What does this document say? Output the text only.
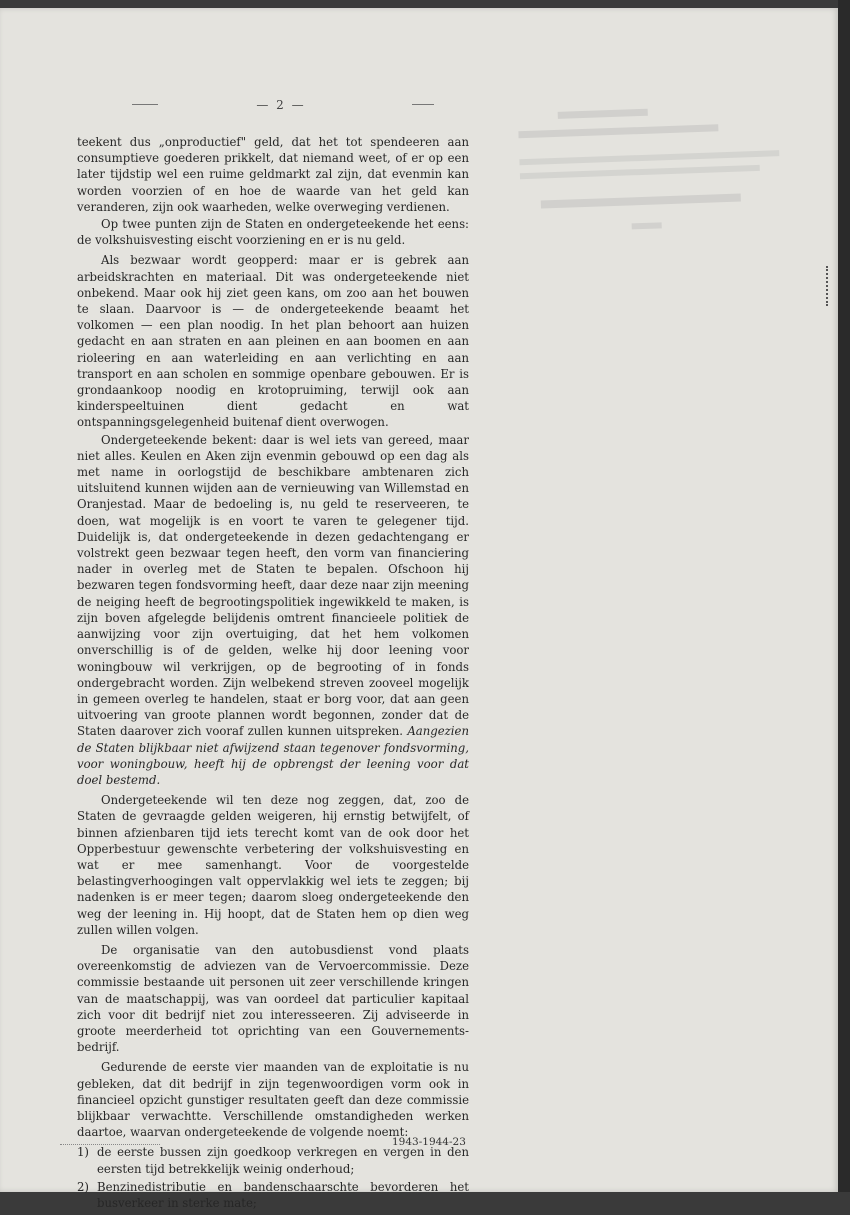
— 2 —

teekent dus „onproductief" geld, dat het tot spendeeren aan consumptieve goederen prikkelt, dat niemand weet, of er op een later tijdstip wel een ruime geldmarkt zal zijn, dat evenmin kan worden voorzien of en hoe de waarde van het geld kan veranderen, zijn ook waarheden, welke overweging verdienen.

Op twee punten zijn de Staten en ondergeteekende het eens: de volkshuisvesting eischt voorziening en er is nu geld.

Als bezwaar wordt geopperd: maar er is gebrek aan arbeidskrachten en materiaal. Dit was ondergeteekende niet onbekend. Maar ook hij ziet geen kans, om zoo aan het bouwen te slaan. Daarvoor is — de ondergeteekende beaamt het volkomen — een plan noodig. In het plan behoort aan huizen gedacht en aan straten en aan pleinen en aan boomen en aan rioleering en aan waterleiding en aan verlichting en aan transport en aan scholen en sommige openbare gebouwen. Er is grondaankoop noodig en krotopruiming, terwijl ook aan kinderspeeltuinen dient gedacht en wat ontspanningsgelegenheid buitenaf dient overwogen.

Ondergeteekende bekent: daar is wel iets van gereed, maar niet alles. Keulen en Aken zijn evenmin gebouwd op een dag als met name in oorlogstijd de beschikbare ambtenaren zich uitsluitend kunnen wijden aan de vernieuwing van Willemstad en Oranjestad. Maar de bedoeling is, nu geld te reserveeren, te doen, wat mogelijk is en voort te varen te gelegener tijd. Duidelijk is, dat ondergeteekende in dezen gedachtengang er volstrekt geen bezwaar tegen heeft, den vorm van financiering nader in overleg met de Staten te bepalen. Ofschoon hij bezwaren tegen fondsvorming heeft, daar deze naar zijn meening de neiging heeft de begrootingspolitiek ingewikkeld te maken, is zijn boven afgelegde belijdenis omtrent financieele politiek de aanwijzing voor zijn overtuiging, dat het hem volkomen onverschillig is of de gelden, welke hij door leening voor woningbouw wil verkrijgen, op de begrooting of in fonds ondergebracht worden. Zijn welbekend streven zooveel mogelijk in gemeen overleg te handelen, staat er borg voor, dat aan geen uitvoering van groote plannen wordt begonnen, zonder dat de Staten daarover zich vooraf zullen kunnen uitspreken. Aangezien de Staten blijkbaar niet afwijzend staan tegenover fondsvorming, voor woningbouw, heeft hij de opbrengst der leening voor dat doel bestemd.

Ondergeteekende wil ten deze nog zeggen, dat, zoo de Staten de gevraagde gelden weigeren, hij ernstig betwijfelt, of binnen afzienbaren tijd iets terecht komt van de ook door het Opperbestuur gewenschte verbetering der volkshuisvesting en wat er mee samenhangt. Voor de voorgestelde belastingverhoogingen valt oppervlakkig wel iets te zeggen; bij nadenken is er meer tegen; daarom sloeg ondergeteekende den weg der leening in. Hij hoopt, dat de Staten hem op dien weg zullen willen volgen.

De organisatie van den autobusdienst vond plaats overeenkomstig de adviezen van de Vervoercommissie. Deze commissie bestaande uit personen uit zeer verschillende kringen van de maatschappij, was van oordeel dat particulier kapitaal zich voor dit bedrijf niet zou interesseeren. Zij adviseerde in groote meerderheid tot oprichting van een Gouvernements-bedrijf.

Gedurende de eerste vier maanden van de exploitatie is nu gebleken, dat dit bedrijf in zijn tegenwoordigen vorm ook in financieel opzicht gunstiger resultaten geeft dan deze commissie blijkbaar verwachtte. Verschillende omstandigheden werken daartoe, waarvan ondergeteekende de volgende noemt:

1) de eerste bussen zijn goedkoop verkregen en vergen in den eersten tijd betrekkelijk weinig onderhoud;
2) Benzinedistributie en bandenschaarschte bevorderen het busverkeer in sterke mate;
1943-1944-23
